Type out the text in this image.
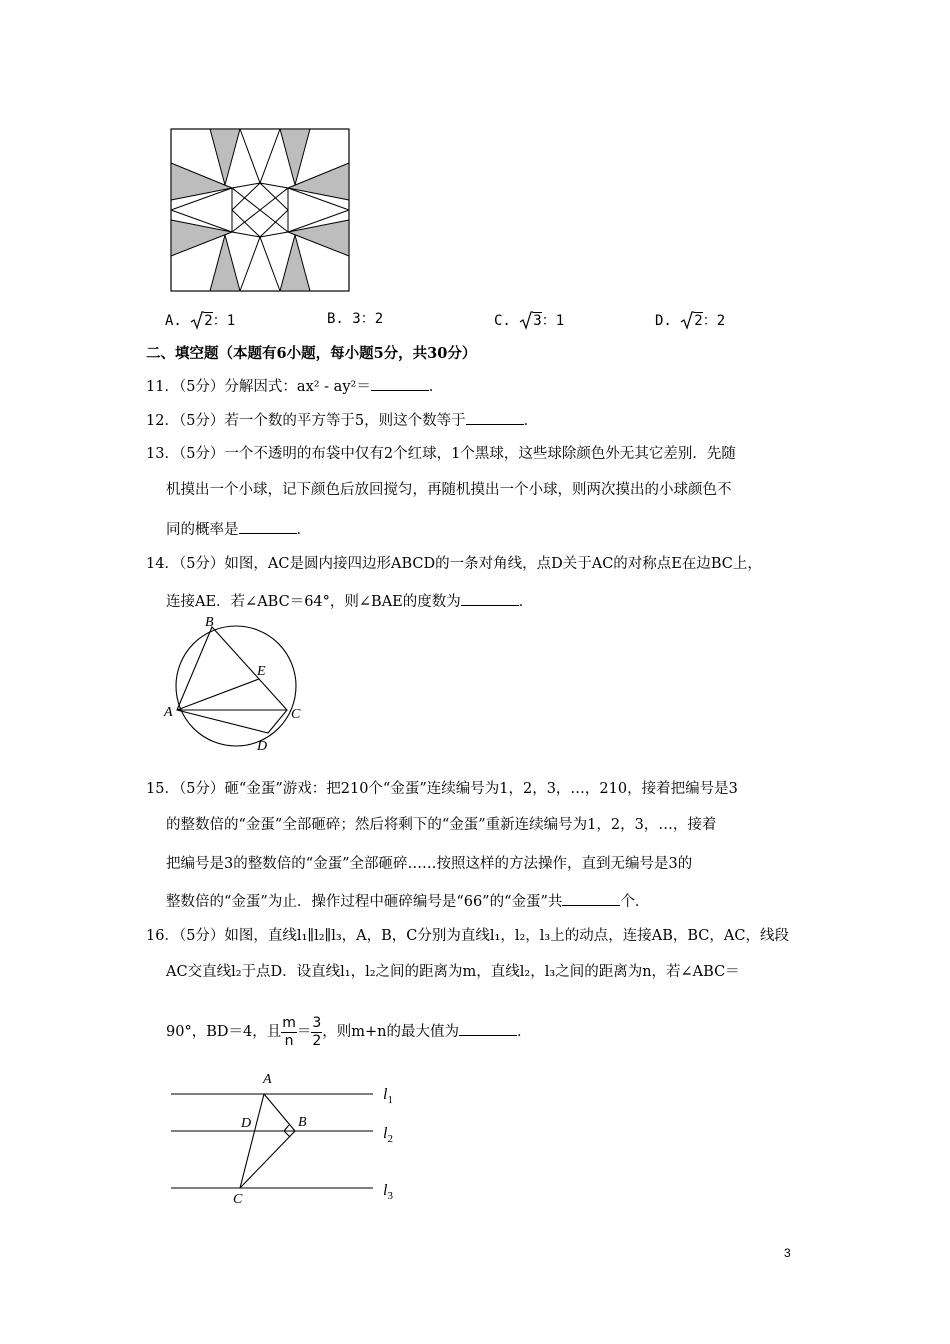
A. 2：1	B. 3：2	C. 3：1	D. 2：2
二、填空题（本题有6小题，每小题5分，共30分）
11．（5分）分解因式：ax² - ay²＝	．
12．（5分）若一个数的平方等于5，则这个数等于	．
13．（5分）一个不透明的布袋中仅有2个红球，1个黑球，这些球除颜色外无其它差别．先随
机摸出一个小球，记下颜色后放回搅匀，再随机摸出一个小球，则两次摸出的小球颜色不
同的概率是	．
14．（5分）如图，AC是圆内接四边形ABCD的一条对角线，点D关于AC的对称点E在边BC上，
连接AE．若∠ABC＝64°，则∠BAE的度数为	．
B
E
A	C
D
15．（5分）砸“金蛋”游戏：把210个“金蛋”连续编号为1，2，3，…，210，接着把编号是3
的整数倍的“金蛋”全部砸碎；然后将剩下的“金蛋”重新连续编号为1，2，3，…，接着
把编号是3的整数倍的“金蛋”全部砸碎……按照这样的方法操作，直到无编号是3的
整数倍的“金蛋”为止．操作过程中砸碎编号是“66”的“金蛋”共	个．
16．（5分）如图，直线l₁∥l₂∥l₃，A，B，C分别为直线l₁，l₂，l₃上的动点，连接AB，BC，AC，线段
AC交直线l₂于点D．设直线l₁，l₂之间的距离为m，直线l₂，l₃之间的距离为n，若∠ABC＝
90°，BD＝4，且 $\frac{m}{n} = \frac{3}{2}$ ，则m+n的最大值为	．
A
D	B
C
$l_1$
$l_2$
$l_3$
3
